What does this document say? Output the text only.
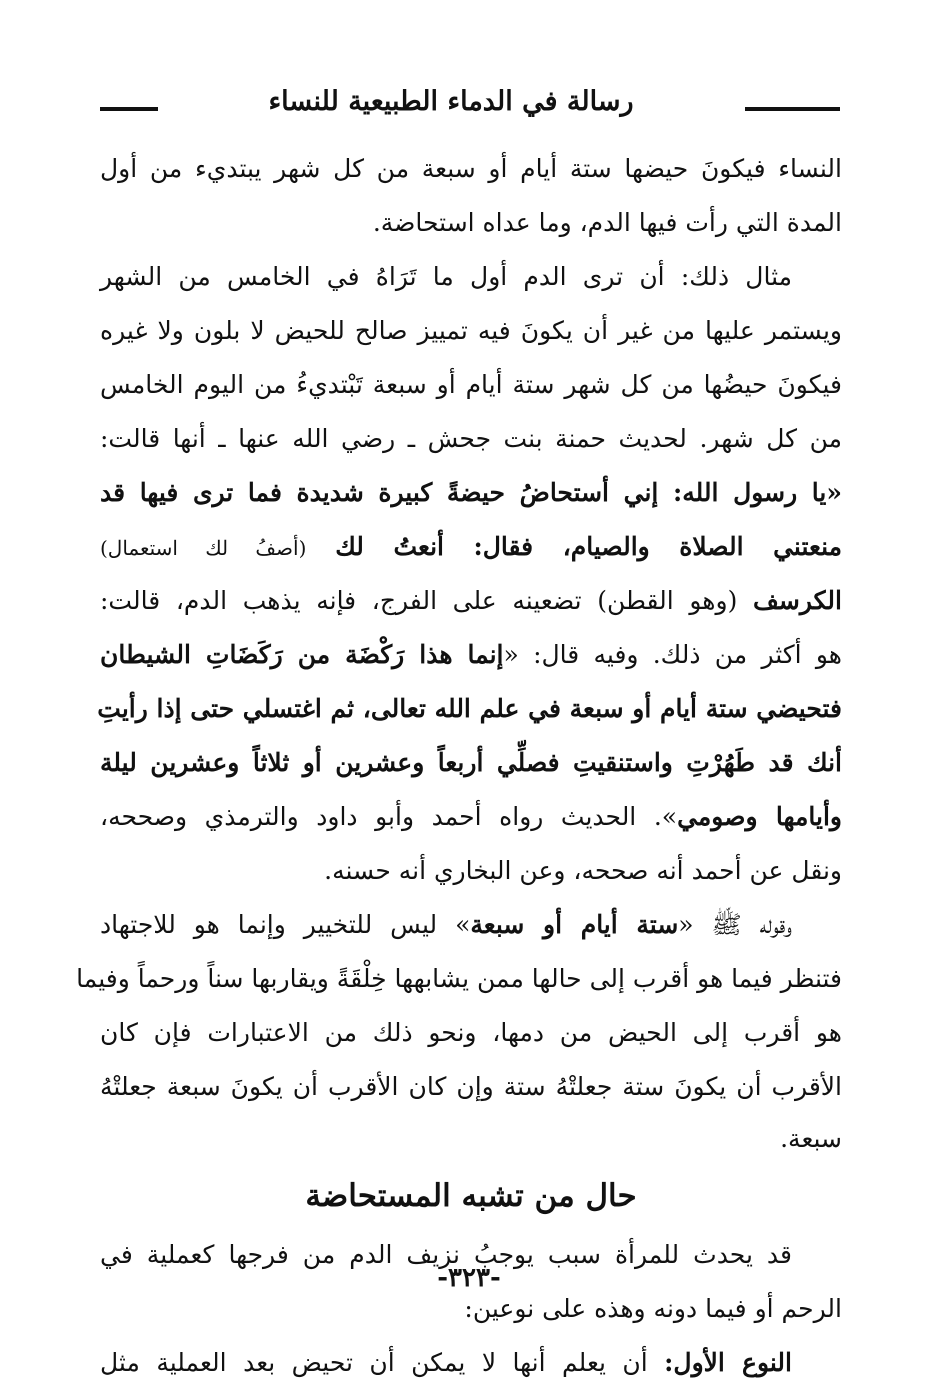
رسالة في الدماء الطبيعية للنساء
النساء فيكونَ حيضها ستة أيام أو سبعة من كل شهر يبتديء من أول
المدة التي رأت فيها الدم، وما عداه استحاضة.
مثال ذلك: أن ترى الدم أول ما تَرَاهُ في الخامس من الشهر
ويستمر عليها من غير أن يكونَ فيه تمييز صالح للحيض لا بلون ولا غيره
فيكونَ حيضُها من كل شهر ستة أيام أو سبعة تَبْتديءُ من اليوم الخامس
من كل شهر. لحديث حمنة بنت جحش ـ رضي الله عنها ـ أنها قالت:
«يا رسول الله: إني أستحاضُ حيضةً كبيرة شديدة فما ترى فيها قد
منعتني الصلاة والصيام، فقال: أنعتُ لك (أصفُ لك استعمال)
الكرسف (وهو القطن) تضعينه على الفرج، فإنه يذهب الدم، قالت:
هو أكثر من ذلك. وفيه قال: «إنما هذا رَكْضَة من رَكَضَاتِ الشيطان
فتحيضي ستة أيام أو سبعة في علم الله تعالى، ثم اغتسلي حتى إذا رأيتِ
أنك قد طَهُرْتِ واستنقيتِ فصلِّي أربعاً وعشرين أو ثلاثاً وعشرين ليلة
وأيامها وصومي». الحديث رواه أحمد وأبو داود والترمذي وصححه،
ونقل عن أحمد أنه صححه، وعن البخاري أنه حسنه.
وقوله ﷺ «ستة أيام أو سبعة» ليس للتخيير وإنما هو للاجتهاد
فتنظر فيما هو أقرب إلى حالها ممن يشابهها خِلْقَةً ويقاربها سناً ورحماً وفيما
هو أقرب إلى الحيض من دمها، ونحو ذلك من الاعتبارات فإن كان
الأقرب أن يكونَ ستة جعلتْهُ ستة وإن كان الأقرب أن يكونَ سبعة جعلتْهُ
سبعة.
حال من تشبه المستحاضة
قد يحدث للمرأة سبب يوجبُ نزيف الدم من فرجها كعملية في
الرحم أو فيما دونه وهذه على نوعين:
النوع الأول: أن يعلم أنها لا يمكن أن تحيض بعد العملية مثل
-٣٢٣-
